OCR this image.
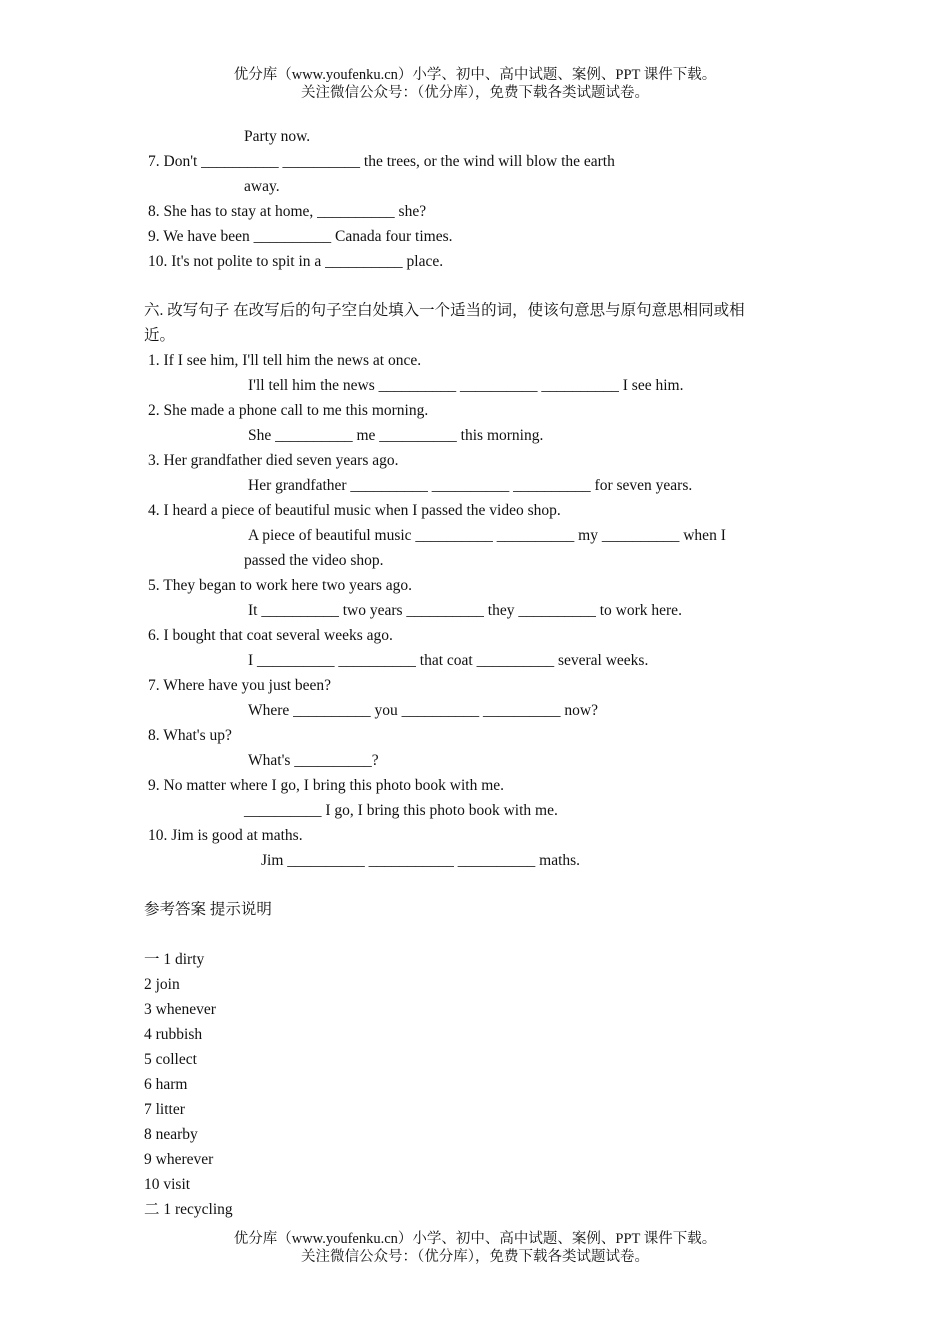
优分库（www.youfenku.cn）小学、初中、高中试题、案例、PPT 课件下载。
关注微信公众号：（优分库），免费下载各类试题试卷。
Party now.
7. Don't __________ __________ the trees, or the wind will blow the earth
away.
8. She has to stay at home, __________ she?
9. We have been __________ Canada four times.
10. It's not polite to spit in a __________ place.
六. 改写句子 在改写后的句子空白处填入一个适当的词，使该句意思与原句意思相同或相
近。
1. If I see him, I'll tell him the news at once.
I'll tell him the news __________ __________ __________ I see him.
2. She made a phone call to me this morning.
She __________ me __________ this morning.
3. Her grandfather died seven years ago.
Her grandfather __________ __________ __________ for seven years.
4. I heard a piece of beautiful music when I passed the video shop.
A piece of beautiful music __________ __________ my __________ when I
passed the video shop.
5. They began to work here two years ago.
It __________ two years __________ they __________ to work here.
6. I bought that coat several weeks ago.
I __________ __________ that coat __________ several weeks.
7. Where have you just been?
Where __________ you __________ __________ now?
8. What's up?
What's __________?
9. No matter where I go, I bring this photo book with me.
__________ I go, I bring this photo book with me.
10. Jim is good at maths.
Jim __________ ___________ __________ maths.
参考答案 提示说明
一 1 dirty
2 join
3 whenever
4 rubbish
5 collect
6 harm
7 litter
8 nearby
9 wherever
10 visit
二 1 recycling
优分库（www.youfenku.cn）小学、初中、高中试题、案例、PPT 课件下载。
关注微信公众号：（优分库），免费下载各类试题试卷。
